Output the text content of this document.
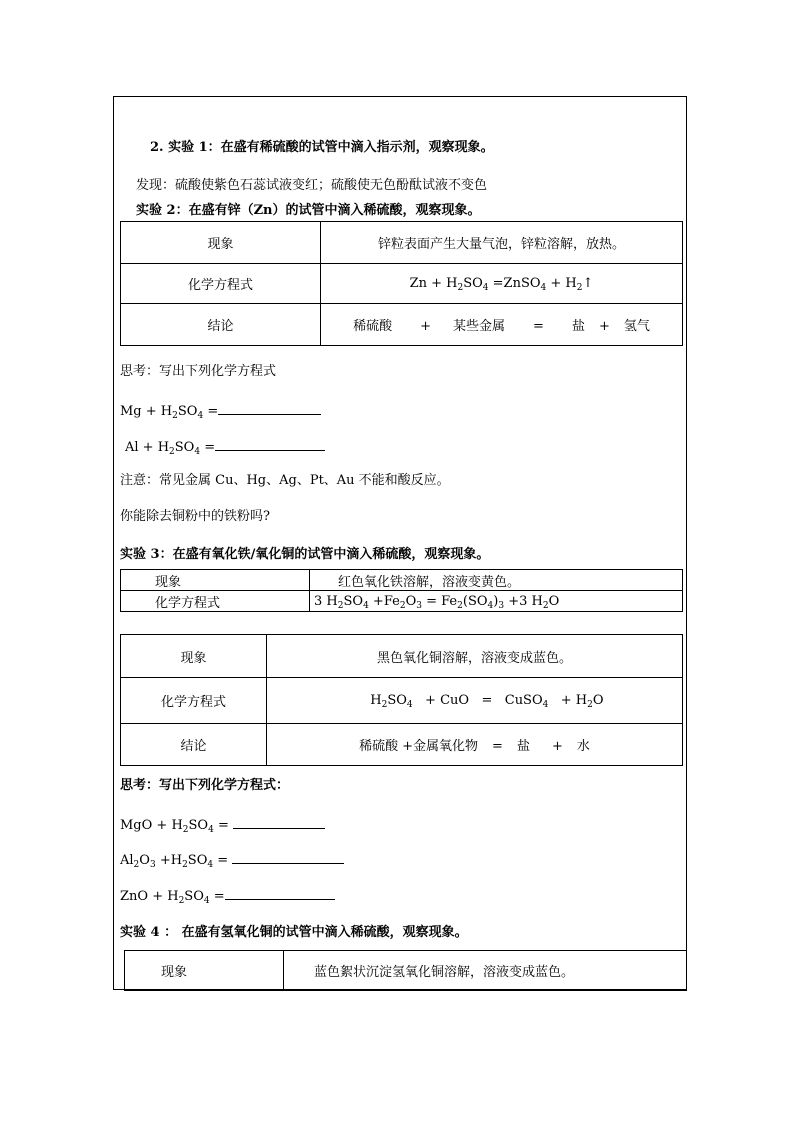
2. 实验 1：在盛有稀硫酸的试管中滴入指示剂，观察现象。
发现：硫酸使紫色石蕊试液变红；硫酸使无色酚酞试液不变色
实验 2：在盛有锌（Zn）的试管中滴入稀硫酸，观察现象。
现象	锌粒表面产生大量气泡，锌粒溶解，放热。
化学方程式	$Zn + H_2SO_4$ =ZnSO$_4$ + $H_2↑$
结论	稀硫酸 + 某些金属 = 盐 + 氢气
思考：写出下列化学方程式
$Mg + H_2SO_4$ =
$Al + H_2SO_4$ =
注意：常见金属 Cu、Hg、Ag、Pt、Au 不能和酸反应。
你能除去铜粉中的铁粉吗?
实验 3：在盛有氧化铁/氧化铜的试管中滴入稀硫酸，观察现象。
现象	红色氧化铁溶解，溶液变黄色。
化学方程式	3 $H_2SO_4 +Fe_2O_3 = Fe_2(SO_4)_3 +3$ $H_2O$
现象	黑色氧化铜溶解，溶液变成蓝色。
化学方程式	$H_2SO_4$   + CuO   =   CuSO$_4$   + $H_2O$

结论	稀硫酸 +金属氧化物 = 盐 + 水
思考：写出下列化学方程式：
MgO + $H_2SO_4$ =
$Al_2O_3 +H_2SO_4$ =
ZnO + $H_2SO_4$ =
实验 4 ： 在盛有氢氧化铜的试管中滴入稀硫酸，观察现象。
现象	蓝色絮状沉淀氢氧化铜溶解，溶液变成蓝色。
